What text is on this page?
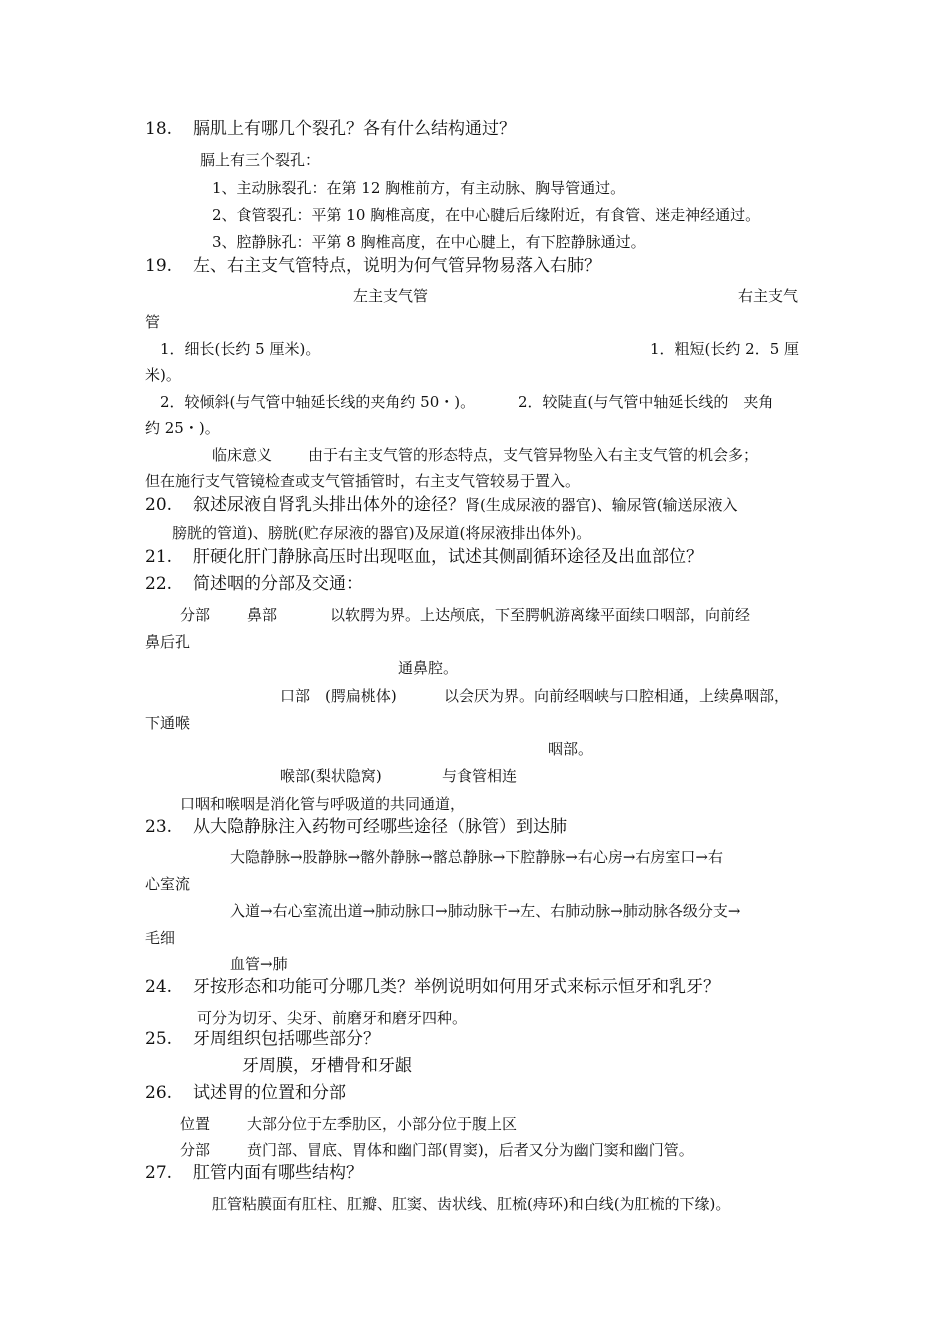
18. 膈肌上有哪几个裂孔？各有什么结构通过？
膈上有三个裂孔：
1、主动脉裂孔：在第 12 胸椎前方，有主动脉、胸导管通过。
2、食管裂孔：平第 10 胸椎高度，在中心腱后后缘附近，有食管、迷走神经通过。
3、腔静脉孔：平第 8 胸椎高度，在中心腱上，有下腔静脉通过。
19. 左、右主支气管特点，说明为何气管异物易落入右肺？
左主支气管	右主支气
管
1．细长(长约 5 厘米)。	1．粗短(长约 2．5 厘
米)。
2．较倾斜(与气管中轴延长线的夹角约 50・)。	2．较陡直(与气管中轴延长线的　夹角
约 25・)。
临床意义 由于右主支气管的形态特点，支气管异物坠入右主支气管的机会多；
但在施行支气管镜检查或支气管插管时，右主支气管较易于置入。
20. 叙述尿液自肾乳头排出体外的途径？肾(生成尿液的器官)、输尿管(输送尿液入
膀胱的管道)、膀胱(贮存尿液的器官)及尿道(将尿液排出体外)。
21. 肝硬化肝门静脉高压时出现呕血，试述其侧副循环途径及出血部位？
22. 简述咽的分部及交通：
分部 鼻部	以软腭为界。上达颅底，下至腭帆游离缘平面续口咽部，向前经
鼻后孔
通鼻腔。
口部　(腭扁桃体)	以会厌为界。向前经咽峡与口腔相通，上续鼻咽部，
下通喉
咽部。
喉部(梨状隐窝)	与食管相连
口咽和喉咽是消化管与呼吸道的共同通道，
23. 从大隐静脉注入药物可经哪些途径（脉管）到达肺
大隐静脉→股静脉→髂外静脉→髂总静脉→下腔静脉→右心房→右房室口→右
心室流
入道→右心室流出道→肺动脉口→肺动脉干→左、右肺动脉→肺动脉各级分支→
毛细
血管→肺
24. 牙按形态和功能可分哪几类？举例说明如何用牙式来标示恒牙和乳牙？
可分为切牙、尖牙、前磨牙和磨牙四种。
25. 牙周组织包括哪些部分？
牙周膜，牙槽骨和牙龈
26. 试述胃的位置和分部
位置 大部分位于左季肋区，小部分位于腹上区
分部 贲门部、冒底、胃体和幽门部(胃窦)，后者又分为幽门窦和幽门管。
27. 肛管内面有哪些结构？
肛管粘膜面有肛柱、肛瓣、肛窦、齿状线、肛梳(痔环)和白线(为肛梳的下缘)。
